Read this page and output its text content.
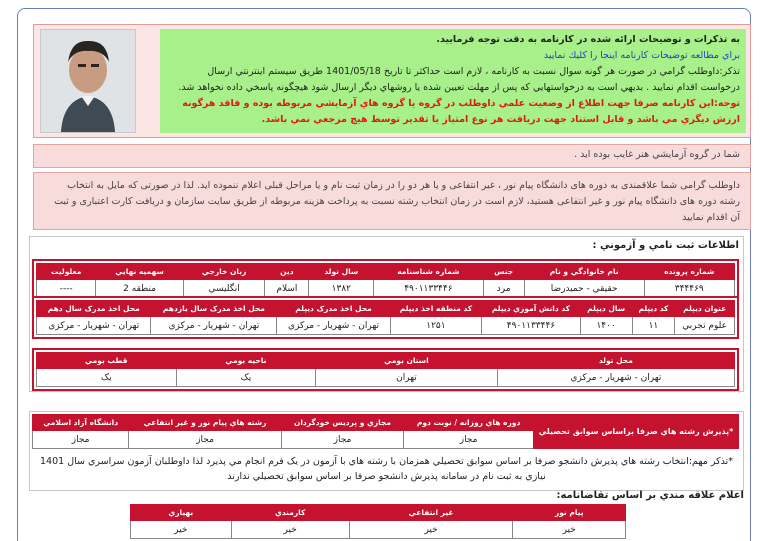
به تذكرات و توضيحات ارائه شده در كارنامه به دقت توجه فرماييد.
براي مطالعه توضيحات كارنامه اينجا را كليك نماييد
تذكر:داوطلب گرامي در صورت هر گونه سوال نسبت به كارنامه ، لازم است حداكثر تا تاريخ 1401/05/18 طريق سيستم اينترنتي ارسال درخواست اقدام نماييد . بديهي است به درخواستهايي كه پس از مهلت تعيين شده يا روشهاي ديگر ارسال شود هيچگونه پاسخي داده نخواهد شد.
توجه:اين كارنامه صرفا جهت اطلاع از وضعيت علمي داوطلب در گروه يا گروه هاي آزمايشي مربوطه بوده و فاقد هرگونه ارزش ديگري مي باشد و قابل استناد جهت دريافت هر نوع امتياز يا تقدير توسط هيچ مرجعي نمي باشد.
شما در گروه آزمايشي هنر غايب بوده ايد .
داوطلب گرامی شما علاقمندی به دوره های دانشگاه پیام نور ، غیر انتفاعی و یا هر دو را در زمان ثبت نام و یا مراحل قبلی اعلام ننموده اید. لذا در صورتی که مایل به انتخاب رشته دوره های دانشگاه پیام نور و غیر انتفاعی هستید، لازم است در زمان انتخاب رشته نسبت به پرداخت هزینه مربوطه از طریق سایت سازمان و دریافت کارت اعتباری و ثبت آن اقدام نمایید
اطلاعات ثبت نامي و آزموني :
شماره پرونده	نام خانوادگي و نام	جنس	شماره شناسنامه	سال تولد	دين	زبان خارجي	سهميه نهايي	معلوليت
٣۴۴۴۶۹	حقيقي - حميدرضا	مرد	۴۹۰۱۱۳۳۴۴۶	۱۳۸۲	اسلام	انگليسي	منطقه 2	----
عنوان ديپلم	كد ديپلم	سال ديپلم	كد دانش آموزي ديپلم	كد منطقه اخذ ديپلم	محل اخذ مدرک ديپلم	محل اخذ مدرک سال يازدهم	محل اخذ مدرک سال دهم
علوم تجربي	۱۱	۱۴۰۰	۴۹۰۱۱۳۳۴۴۶	۱۲۵۱	تهران - شهريار - مركزي	تهران - شهريار - مركزي	تهران - شهريار - مركزي
محل تولد	استان بومي	ناحيه بومي	قطب بومي
تهران - شهريار - مركزي	تهران	يک	يک
*پذيرش رشته هاي صرفا براساس سوابق تحصيلي	دوره هاي روزانه / نوبت دوم	مجازي و پرديس خودگردان	رشته هاي پيام نور و غير انتفاعي	دانشگاه آزاد اسلامي
	مجاز	مجاز	مجاز	مجاز
*تذكر مهم:انتخاب رشته هاي پذيرش دانشجو صرفا بر اساس سوابق تحصيلي همزمان با رشته هاي با آزمون در يک فرم انجام مي پذيرد لذا داوطلبان آزمون سراسري سال 1401 نيازي به ثبت نام در سامانه پذيرش دانشجو صرفا بر اساس سوابق تحصيلي ندارند
اعلام علاقه مندي بر اساس تقاضانامه:
پيام نور	غير انتفاعي	كارمندي	بهياري
خير	خير	خير	خير
